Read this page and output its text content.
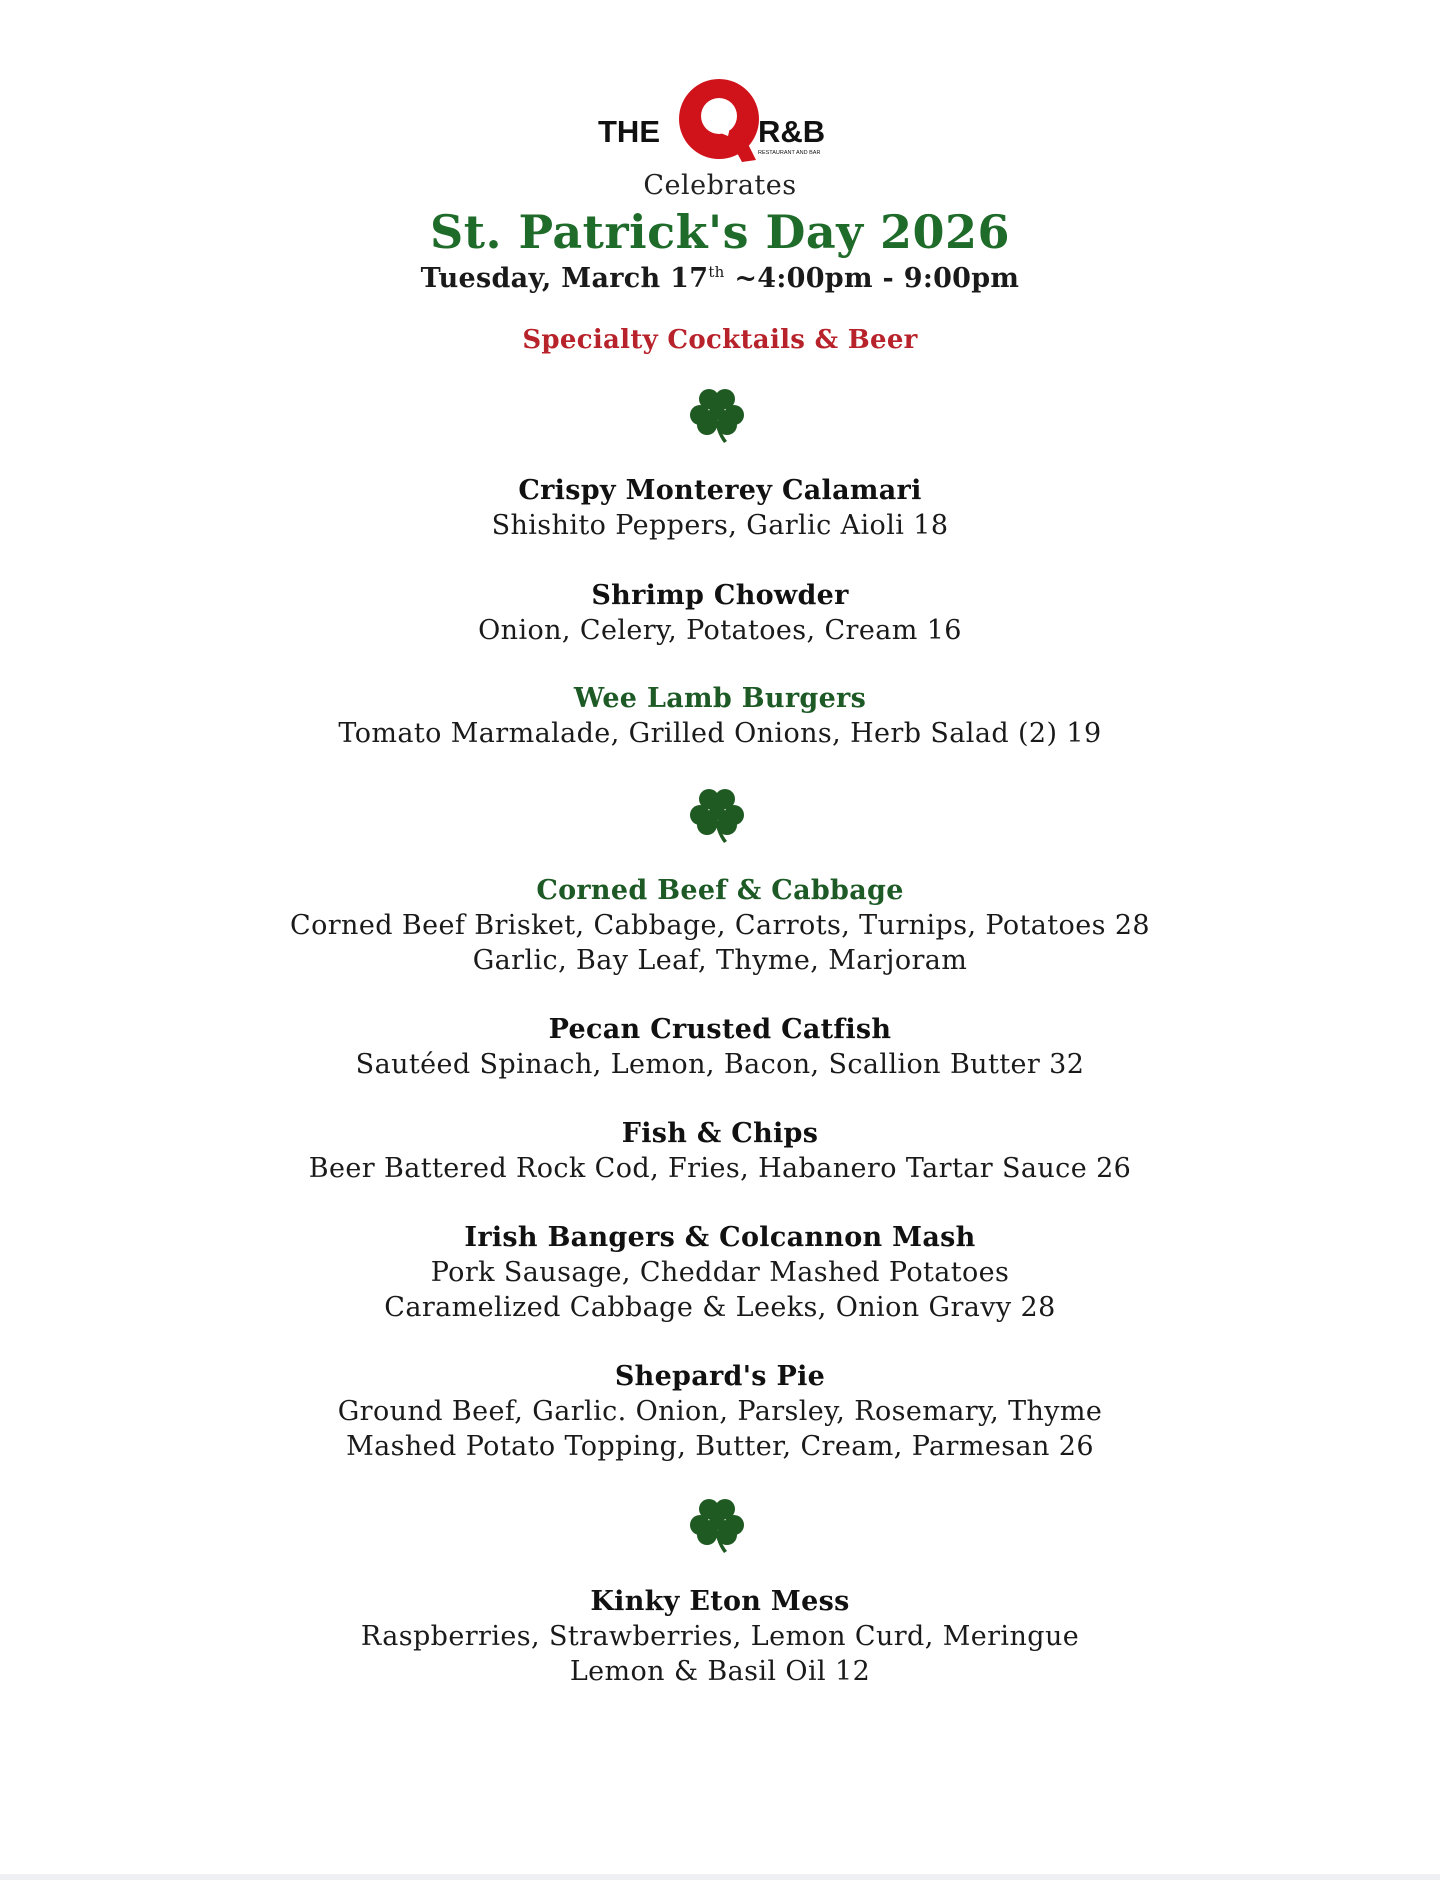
THE	R&B
RESTAURANT AND BAR
Celebrates
St. Patrick's Day 2026
Tuesday, March 17th ~4:00pm - 9:00pm
Specialty Cocktails & Beer
Crispy Monterey Calamari
Shishito Peppers, Garlic Aioli 18
Shrimp Chowder
Onion, Celery, Potatoes, Cream 16
Wee Lamb Burgers
Tomato Marmalade, Grilled Onions, Herb Salad (2) 19
Corned Beef & Cabbage
Corned Beef Brisket, Cabbage, Carrots, Turnips, Potatoes 28
Garlic, Bay Leaf, Thyme, Marjoram
Pecan Crusted Catfish
Sautéed Spinach, Lemon, Bacon, Scallion Butter 32
Fish & Chips
Beer Battered Rock Cod, Fries, Habanero Tartar Sauce 26
Irish Bangers & Colcannon Mash
Pork Sausage, Cheddar Mashed Potatoes
Caramelized Cabbage & Leeks, Onion Gravy 28
Shepard's Pie
Ground Beef, Garlic. Onion, Parsley, Rosemary, Thyme
Mashed Potato Topping, Butter, Cream, Parmesan 26
Kinky Eton Mess
Raspberries, Strawberries, Lemon Curd, Meringue
Lemon & Basil Oil 12
